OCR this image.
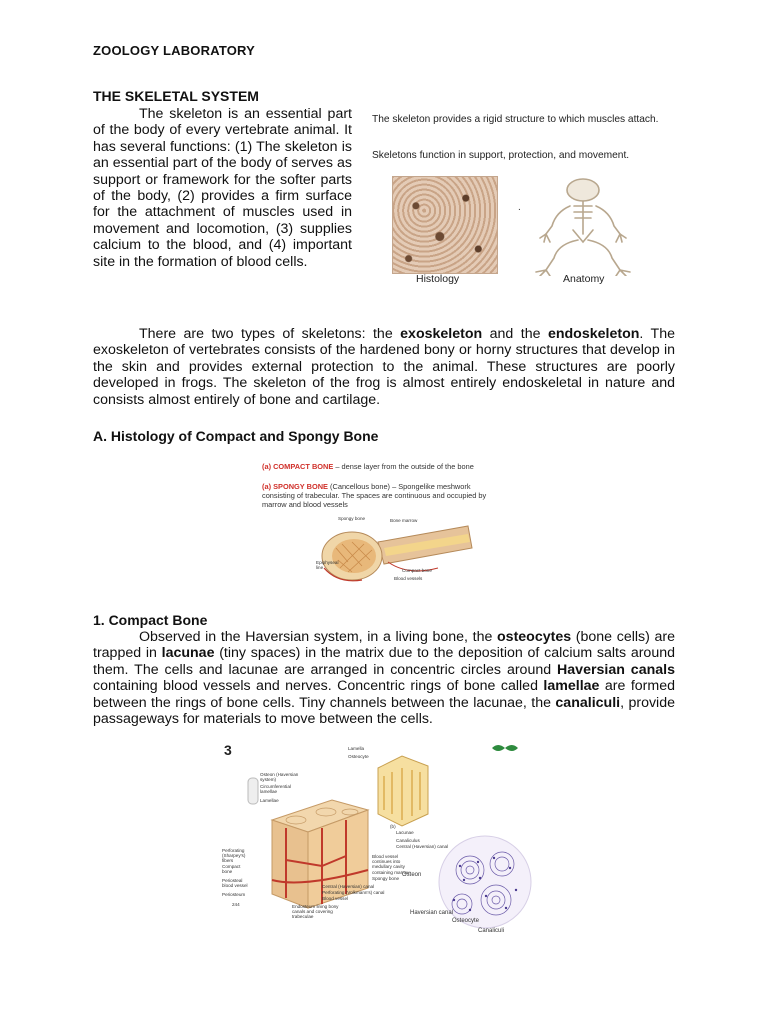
ZOOLOGY LABORATORY
THE SKELETAL SYSTEM
The skeleton is an essential part of the body of every vertebrate animal. It has several functions: (1) The skeleton is an essential part of the body of serves as support or framework for the softer parts of the body, (2) provides a firm surface for the attachment of muscles used in movement and locomotion, (3) supplies calcium to the blood, and (4) important site in the formation of blood cells.
The skeleton provides a rigid structure to which muscles attach.
Skeletons function in support, protection, and movement.
.
Histology	Anatomy
There are two types of skeletons: the exoskeleton and the endoskeleton. The exoskeleton of vertebrates consists of the hardened bony or horny structures that develop in the skin and provides external protection to the animal. These structures are poorly developed in frogs. The skeleton of the frog is almost entirely endoskeletal in nature and consists almost entirely of bone and cartilage.
A. Histology of Compact and Spongy Bone
(a) COMPACT BONE – dense layer from the outside of the bone
(a) SPONGY BONE (Cancellous bone) – Spongelike meshwork consisting of trabecular. The spaces are continuous and occupied by marrow and blood vessels
Spongy bone	Bone marrow
Epiphyseal line
Compact bone
Blood vessels
1. Compact Bone
Observed in the Haversian system, in a living bone, the osteocytes (bone cells) are trapped in lacunae (tiny spaces) in the matrix due to the deposition of calcium salts around them. The cells and lacunae are arranged in concentric circles around Haversian canals containing blood vessels and nerves. Concentric rings of bone called lamellae are formed between the rings of bone cells. Tiny channels between the lacunae, the canaliculi, provide passageways for materials to move between the cells.
3
Osteon (Haversian system)
Circumferential lamellae
Lamellae
Perforating (Sharpey's) fibers
Compact bone
Periosteal blood vessel
Periosteum
Lamella
Osteocyte
Lacunae
Canaliculus
Central (Haversian) canal
Blood vessel continues into medullary cavity containing marrow
Spongy bone
Central (Haversian) canal
Perforating (Volkmann's) canal
Blood vessel
Endosteum lining bony canals and covering trabeculae
(b)
244
Osteon
Haversian canal
Osteocyte
Canaliculi
